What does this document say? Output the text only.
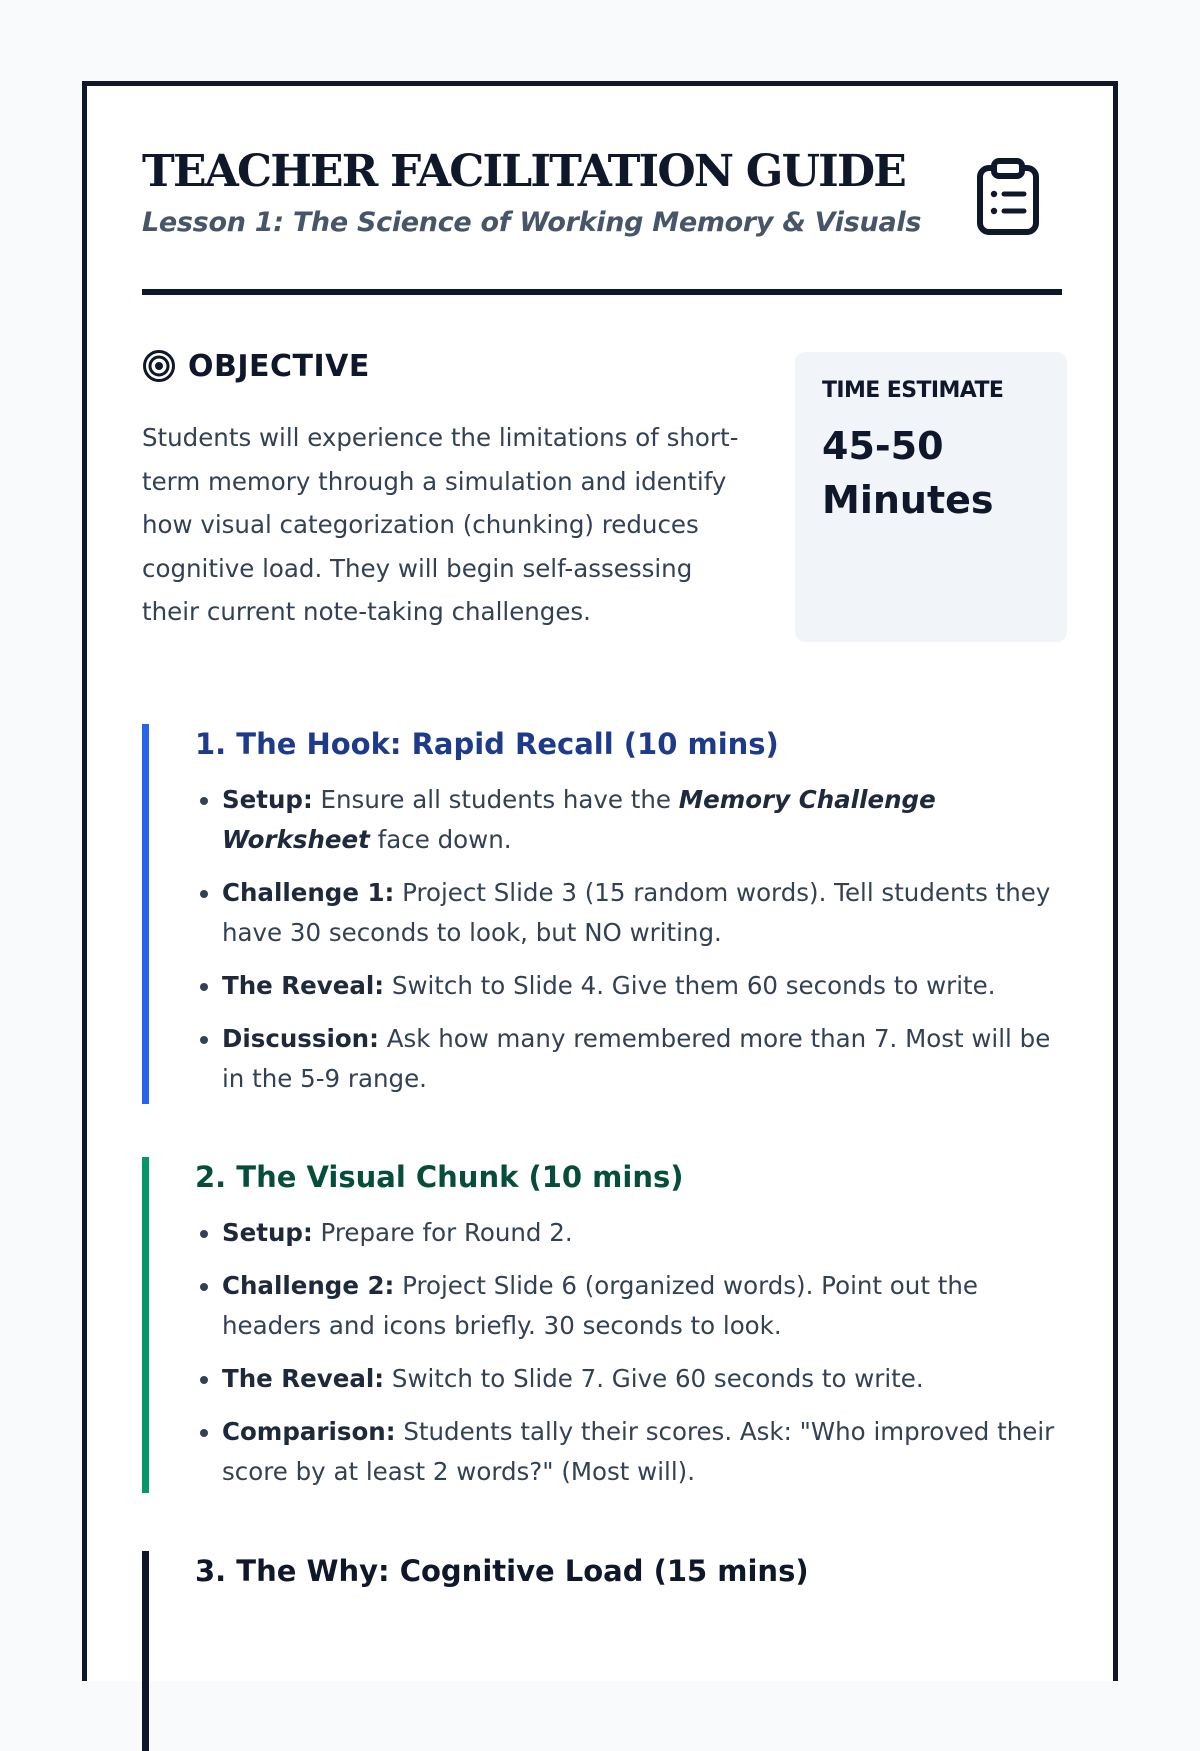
TEACHER FACILITATION GUIDE
Lesson 1: The Science of Working Memory & Visuals
OBJECTIVE

Students will experience the limitations of short-term memory through a simulation and identify how visual categorization (chunking) reduces cognitive load. They will begin self-assessing their current note-taking challenges.

TIME ESTIMATE
45-50 Minutes
1. The Hook: Rapid Recall (10 mins)
• Setup: Ensure all students have the Memory Challenge Worksheet face down.
• Challenge 1: Project Slide 3 (15 random words). Tell students they have 30 seconds to look, but NO writing.
• The Reveal: Switch to Slide 4. Give them 60 seconds to write.
• Discussion: Ask how many remembered more than 7. Most will be in the 5-9 range.
2. The Visual Chunk (10 mins)
• Setup: Prepare for Round 2.
• Challenge 2: Project Slide 6 (organized words). Point out the headers and icons briefly. 30 seconds to look.
• The Reveal: Switch to Slide 7. Give 60 seconds to write.
• Comparison: Students tally their scores. Ask: "Who improved their score by at least 2 words?" (Most will).
3. The Why: Cognitive Load (15 mins)
